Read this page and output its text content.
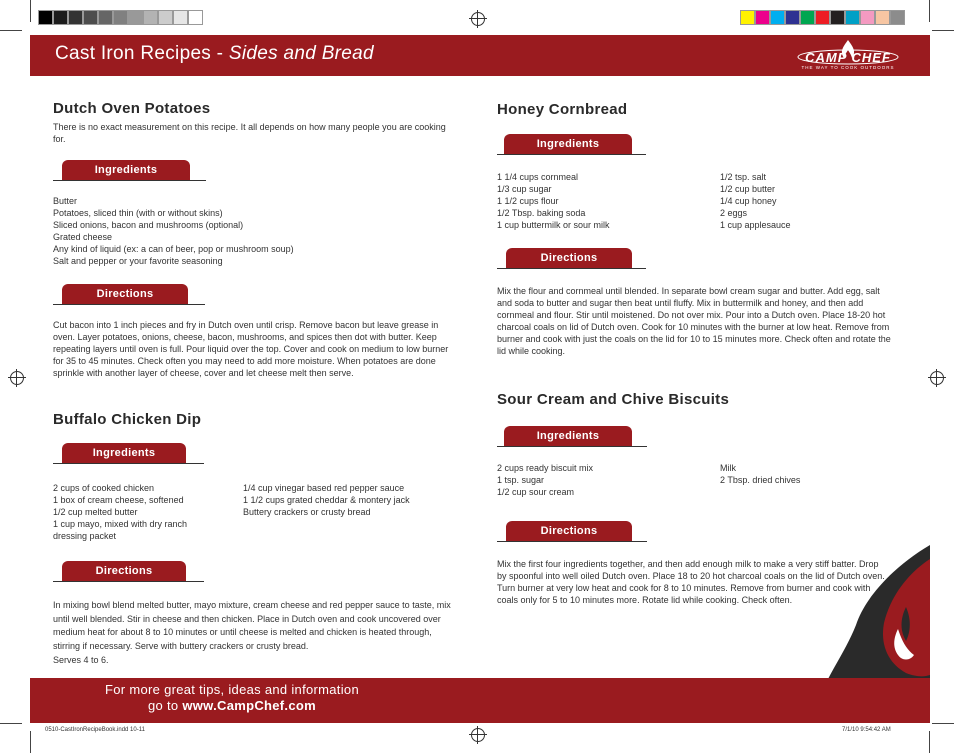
Cast Iron Recipes - Sides and Bread	CAMP CHEF
THE WAY TO COOK OUTDOORS
Dutch Oven Potatoes
There is no exact measurement on this recipe. It all depends on how many people you are cooking for.
Ingredients
Butter
Potatoes, sliced thin (with or without skins)
Sliced onions, bacon and mushrooms (optional)
Grated cheese
Any kind of liquid (ex: a can of beer, pop or mushroom soup)
Salt and pepper or your favorite seasoning
Directions
Cut bacon into 1 inch pieces and fry in Dutch oven until crisp. Remove bacon but leave grease in oven. Layer potatoes, onions, cheese, bacon, mushrooms, and spices then dot with butter. Keep repeating layers until oven is full. Pour liquid over the top. Cover and cook on medium to low burner for 35 to 45 minutes. Check often you may need to add more moisture. When potatoes are done sprinkle with another layer of cheese, cover and let cheese melt then serve.
Buffalo Chicken Dip
Ingredients
2 cups of cooked chicken
1 box of cream cheese, softened
1/2 cup melted butter
1 cup mayo, mixed with dry ranch dressing packet
1/4 cup vinegar based red pepper sauce
1 1/2 cups grated cheddar & montery jack
Buttery crackers or crusty bread
Directions
In mixing bowl blend melted butter, mayo mixture, cream cheese and red pepper sauce to taste, mix until well blended. Stir in cheese and then chicken. Place in Dutch oven and cook uncovered over medium heat for about 8 to 10 minutes or until cheese is melted and chicken is heated through, stirring if necessary. Serve with buttery crackers or crusty bread.
Serves 4 to 6.
Honey Cornbread
Ingredients
1 1/4 cups cornmeal
1/3 cup sugar
1 1/2 cups flour
1/2 Tbsp. baking soda
1 cup buttermilk or sour milk
1/2 tsp. salt
1/2 cup butter
1/4 cup honey
2 eggs
1 cup applesauce
Directions
Mix the flour and cornmeal until blended. In separate bowl cream sugar and butter. Add egg, salt and soda to butter and sugar then beat until fluffy. Mix in buttermilk and honey, and then add cornmeal and flour. Stir until moistened. Do not over mix. Pour into a Dutch oven. Place 18-20 hot charcoal coals on lid of Dutch oven. Cook for 10 minutes with the burner at low heat. Remove from burner and cook with just the coals on the lid for 10 to 15 minutes more. Check often and rotate the lid while cooking.
Sour Cream and Chive Biscuits
Ingredients
2 cups ready biscuit mix
1 tsp. sugar
1/2 cup sour cream
Milk
2 Tbsp. dried chives
Directions
Mix the first four ingredients together, and then add enough milk to make a very stiff batter. Drop by spoonful into well oiled Dutch oven. Place 18 to 20 hot charcoal coals on the lid of Dutch oven. Turn burner at very low heat and cook for 8 to 10 minutes. Remove from burner and cook with coals only for 5 to 10 minutes more. Rotate lid while cooking. Check often.
For more great tips, ideas and information
go to www.CampChef.com
0510-CastIronRecipeBook.indd 10-11	7/1/10 9:54:42 AM
